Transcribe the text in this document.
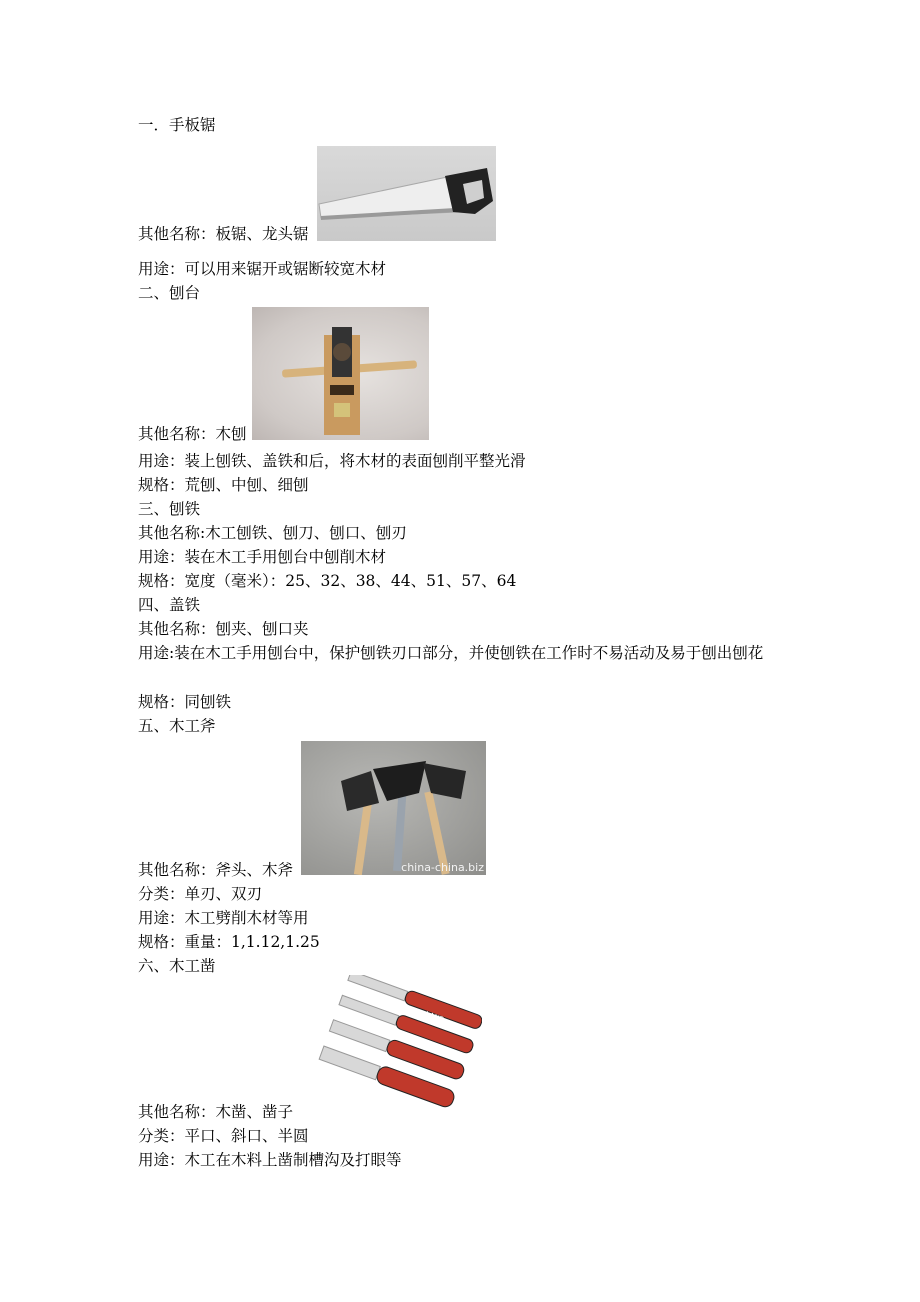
一．手板锯
其他名称：板锯、龙头锯
用途：可以用来锯开或锯断较宽木材
二、刨台
其他名称：木刨
用途：装上刨铁、盖铁和后，将木材的表面刨削平整光滑
规格：荒刨、中刨、细刨
三、刨铁
其他名称:木工刨铁、刨刀、刨口、刨刃
用途：装在木工手用刨台中刨削木材
规格：宽度（毫米）：25、32、38、44、51、57、64
四、盖铁
其他名称：刨夹、刨口夹
用途:装在木工手用刨台中，保护刨铁刃口部分，并使刨铁在工作时不易活动及易于刨出刨花
规格：同刨铁
五、木工斧
china-china.biz
其他名称：斧头、木斧
分类：单刃、双刃
用途：木工劈削木材等用
规格：重量：1,1.12,1.25
六、木工凿
LAND
其他名称：木凿、凿子
分类：平口、斜口、半圆
用途：木工在木料上凿制槽沟及打眼等
